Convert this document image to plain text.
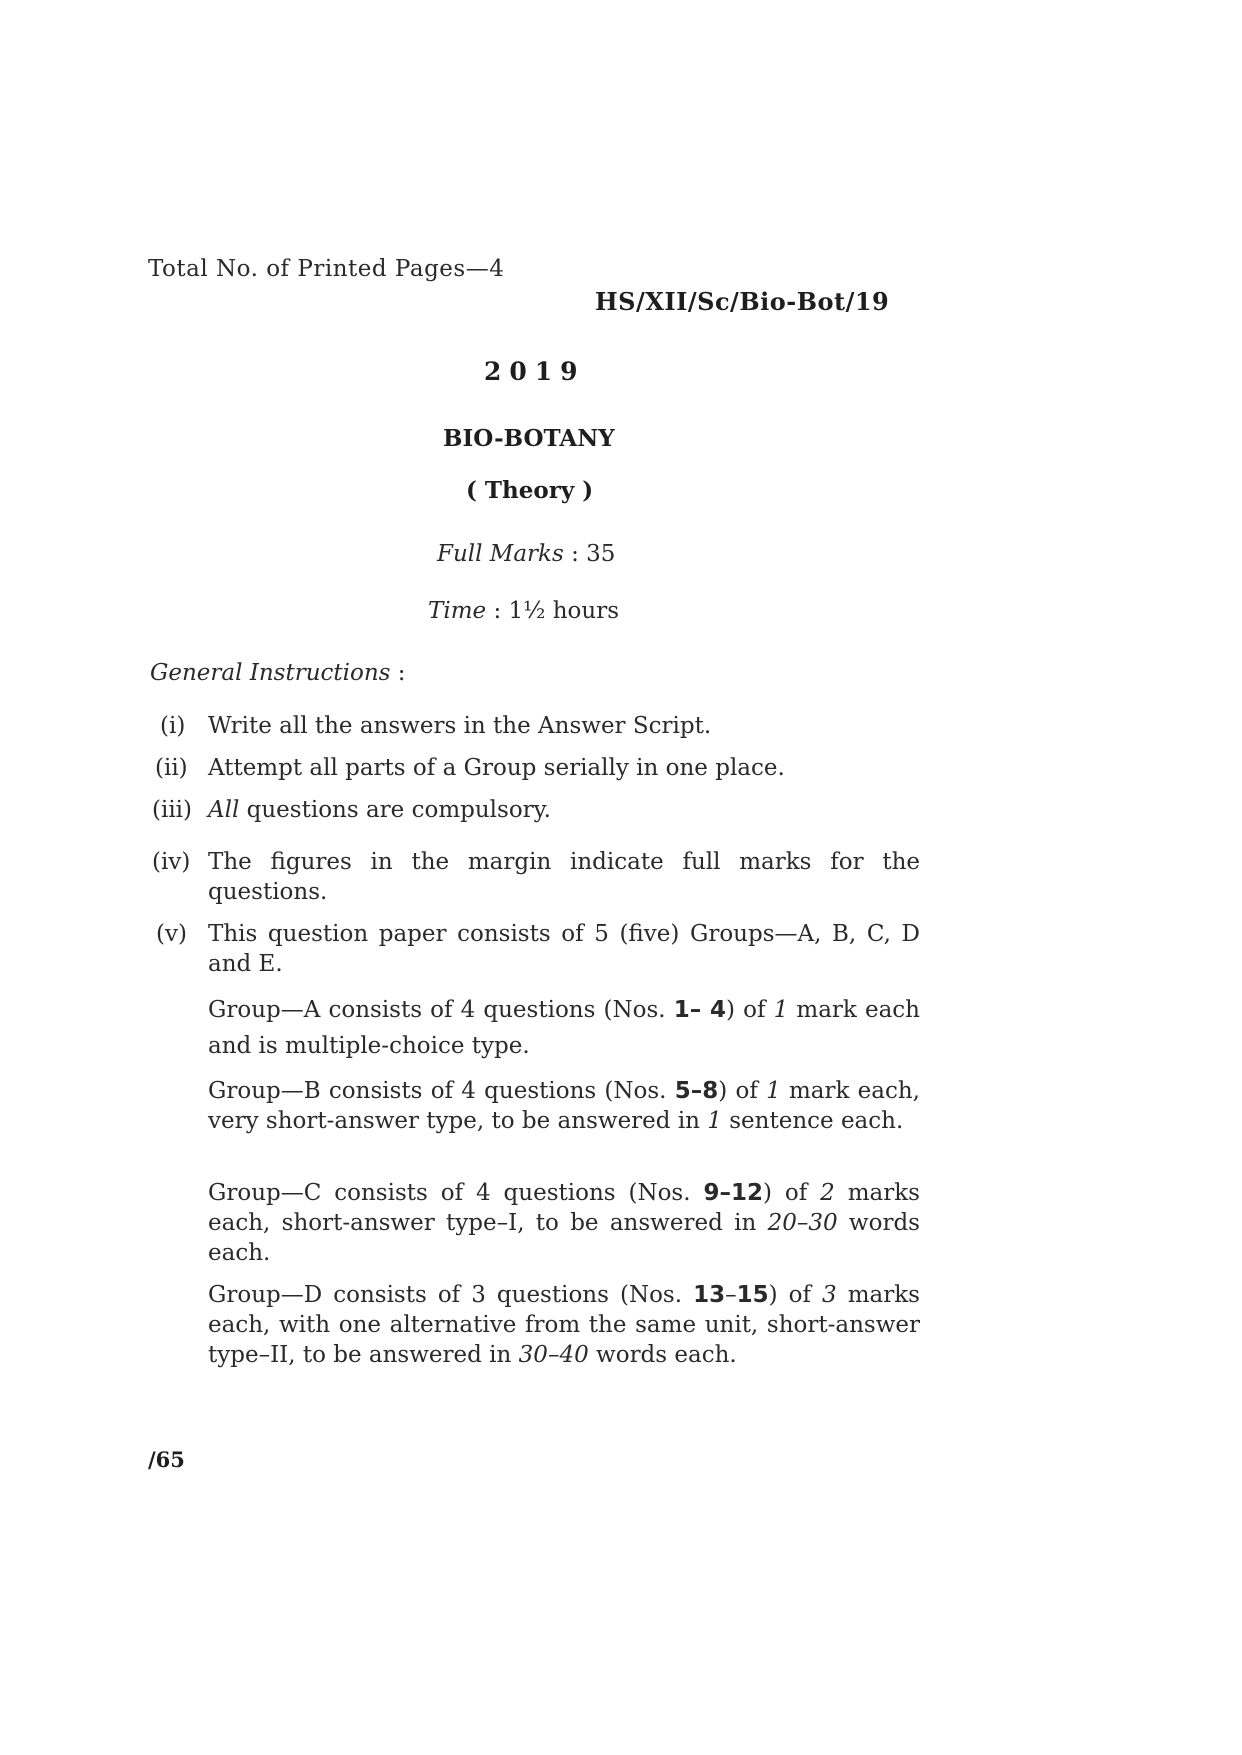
Total No. of Printed Pages—4
HS/XII/Sc/Bio-Bot/19
2019
BIO-BOTANY
( Theory )
Full Marks : 35
Time : 1½ hours
General Instructions :
(i) Write all the answers in the Answer Script.
(ii) Attempt all parts of a Group serially in one place.
(iii) All questions are compulsory.
(iv) The figures in the margin indicate full marks for the questions.
(v) This question paper consists of 5 (five) Groups—A, B, C, D and E.
Group—A consists of 4 questions (Nos. 1– 4) of 1 mark each and is multiple-choice type.
Group—B consists of 4 questions (Nos. 5–8) of 1 mark each, very short-answer type, to be answered in 1 sentence each.
Group—C consists of 4 questions (Nos. 9–12) of 2 marks each, short-answer type–I, to be answered in 20–30 words each.
Group—D consists of 3 questions (Nos. 13–15) of 3 marks each, with one alternative from the same unit, short-answer type–II, to be answered in 30–40 words each.
/65
